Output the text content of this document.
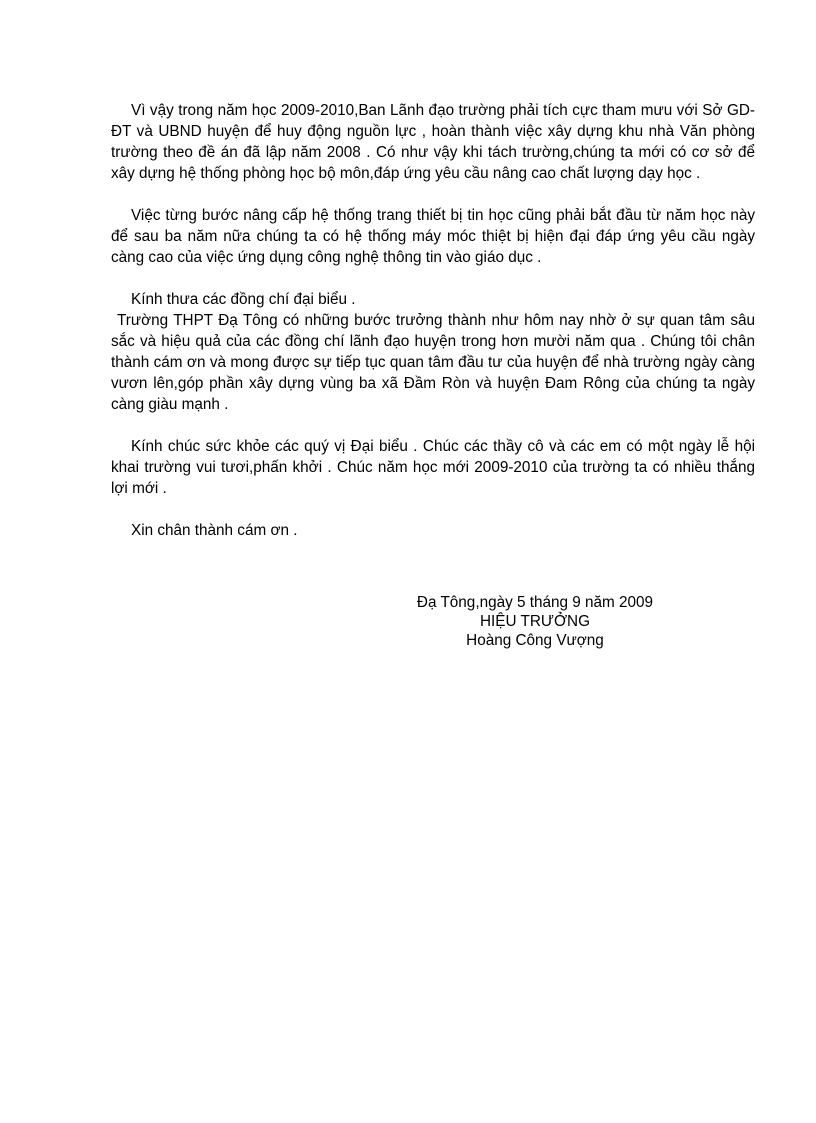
Vì vậy trong năm học 2009-2010,Ban Lãnh đạo trường phải tích cực tham mưu với Sở GD-ĐT và UBND huyện để huy động nguồn lực , hoàn thành việc xây dựng khu nhà Văn phòng trường theo đề án đã lập năm 2008 . Có như vậy khi tách trường,chúng ta mới có cơ sở để xây dựng hệ thống phòng học bộ môn,đáp ứng yêu cầu nâng cao chất lượng dạy học .

Việc từng bước nâng cấp hệ thống trang thiết bị tin học cũng phải bắt đầu từ năm học này để sau ba năm nữa chúng ta có hệ thống máy móc thiệt bị hiện đại đáp ứng yêu cầu ngày càng cao của việc ứng dụng công nghệ thông tin vào giáo dục .

Kính thưa các đồng chí đại biểu .

Trường THPT Đạ Tông có những bước trưởng thành như hôm nay nhờ ở sự quan tâm sâu sắc và hiệu quả của các đồng chí lãnh đạo huyện trong hơn mười năm qua . Chúng tôi chân thành cám ơn và mong được sự tiếp tục quan tâm đầu tư của huyện để nhà trường ngày càng vươn lên,góp phần xây dựng vùng ba xã Đầm Ròn và huyện Đam Rông của chúng ta ngày càng giàu mạnh .

Kính chúc sức khỏe các quý vị Đại biểu . Chúc các thầy cô và các em có một ngày lễ hội khai trường vui tươi,phấn khởi . Chúc năm học mới 2009-2010 của trường ta có nhiều thắng lợi mới .

Xin chân thành cám ơn .

Đạ Tông,ngày 5 tháng 9 năm 2009
HIỆU TRƯỞNG
Hoàng Công Vượng
